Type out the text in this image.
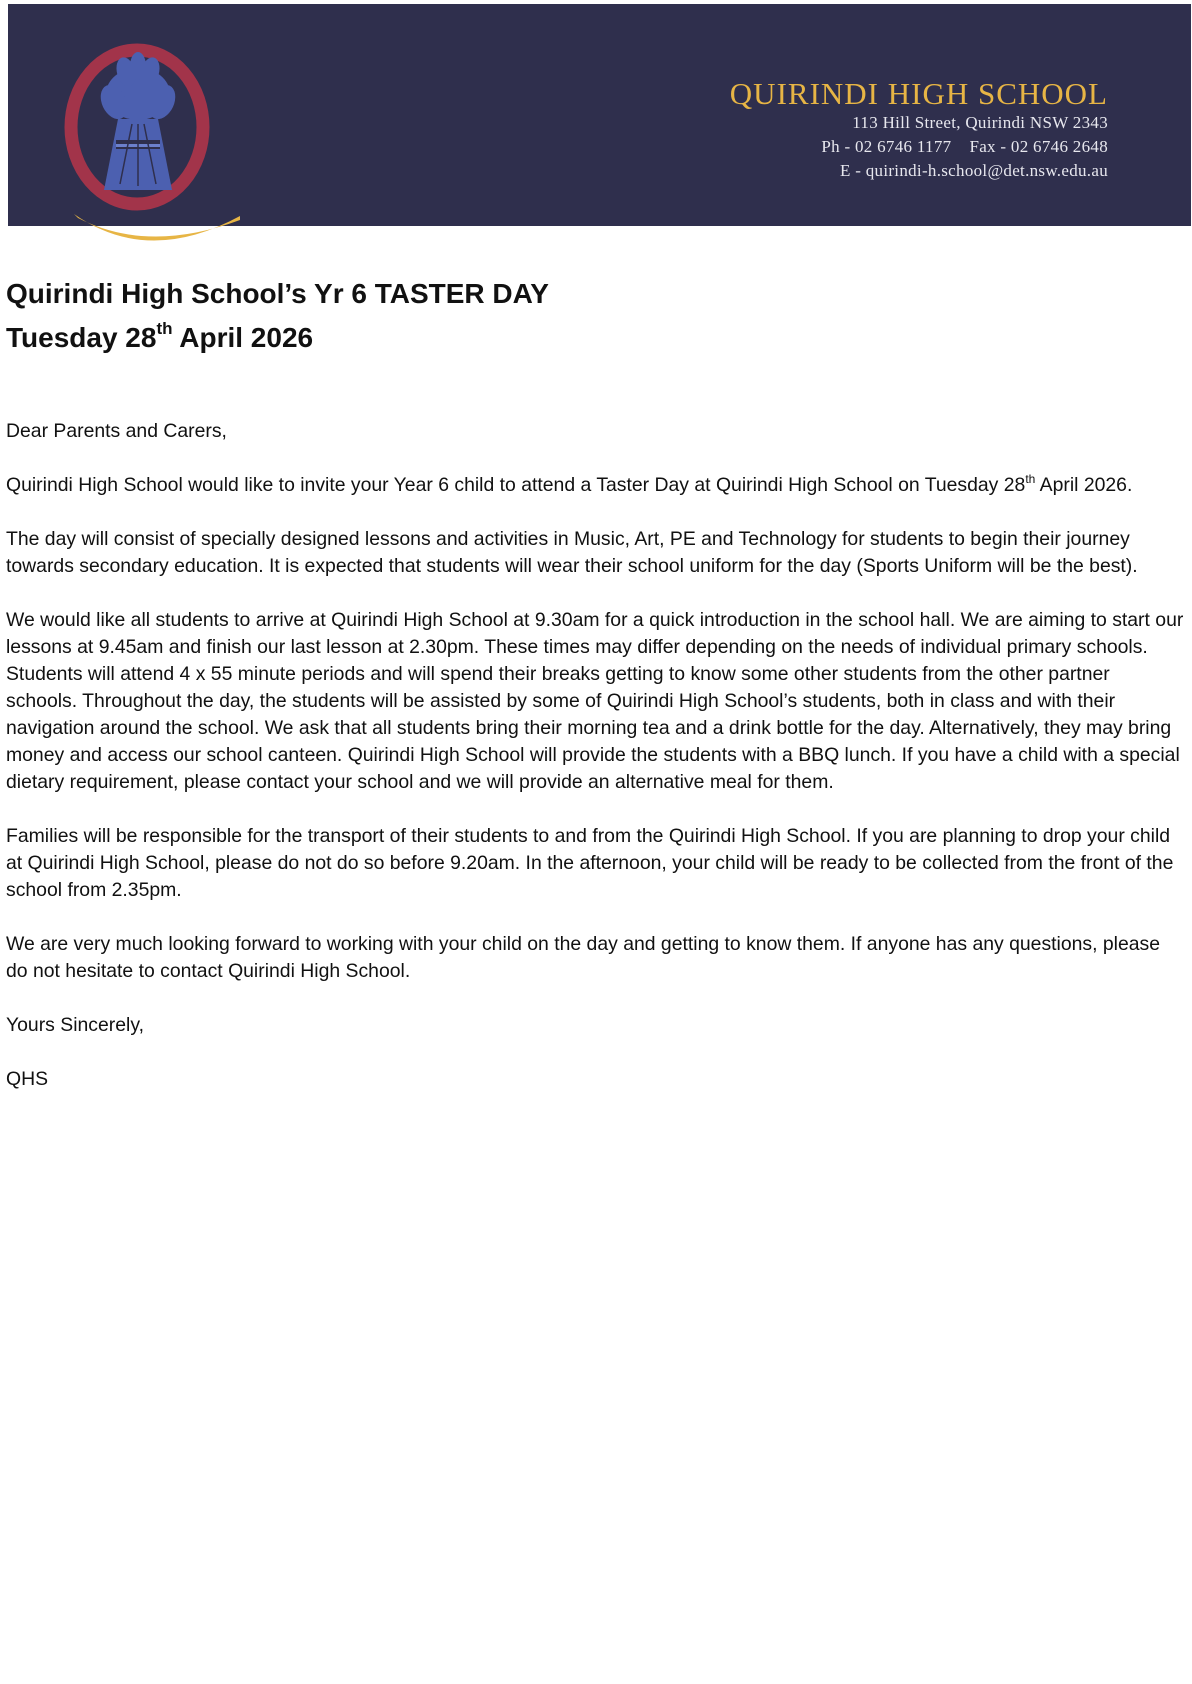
QUIRINDI HIGH SCHOOL
113 Hill Street, Quirindi NSW 2343
Ph - 02 6746 1177 Fax - 02 6746 2648
E - quirindi-h.school@det.nsw.edu.au
Quirindi High School’s Yr 6 TASTER DAY
Tuesday 28th April 2026

Dear Parents and Carers,

Quirindi High School would like to invite your Year 6 child to attend a Taster Day at Quirindi High School on Tuesday 28th April 2026.

The day will consist of specially designed lessons and activities in Music, Art, PE and Technology for students to begin their journey towards secondary education. It is expected that students will wear their school uniform for the day (Sports Uniform will be the best).

We would like all students to arrive at Quirindi High School at 9.30am for a quick introduction in the school hall. We are aiming to start our lessons at 9.45am and finish our last lesson at 2.30pm. These times may differ depending on the needs of individual primary schools. Students will attend 4 x 55 minute periods and will spend their breaks getting to know some other students from the other partner schools. Throughout the day, the students will be assisted by some of Quirindi High School’s students, both in class and with their navigation around the school. We ask that all students bring their morning tea and a drink bottle for the day. Alternatively, they may bring money and access our school canteen. Quirindi High School will provide the students with a BBQ lunch. If you have a child with a special dietary requirement, please contact your school and we will provide an alternative meal for them.

Families will be responsible for the transport of their students to and from the Quirindi High School. If you are planning to drop your child at Quirindi High School, please do not do so before 9.20am. In the afternoon, your child will be ready to be collected from the front of the school from 2.35pm.

We are very much looking forward to working with your child on the day and getting to know them. If anyone has any questions, please do not hesitate to contact Quirindi High School.

Yours Sincerely,

QHS
